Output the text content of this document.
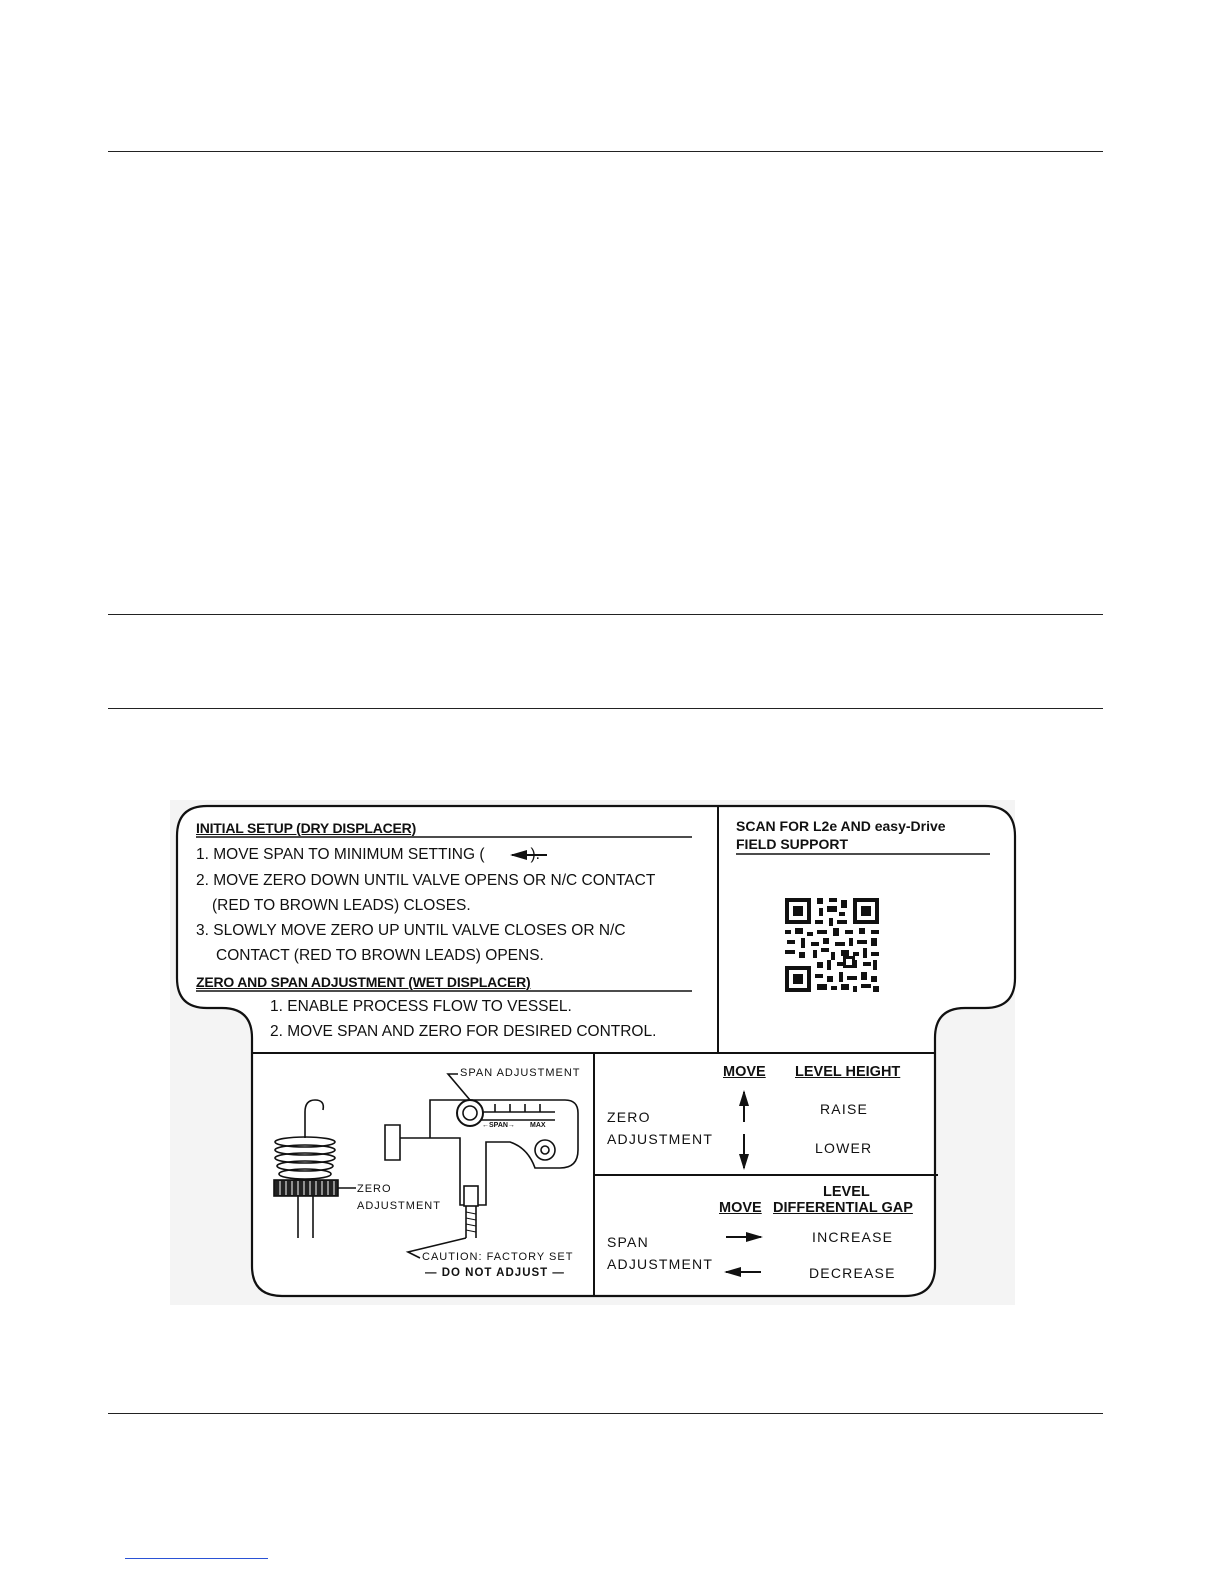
INITIAL SETUP (DRY DISPLACER)
1. MOVE SPAN TO MINIMUM SETTING (	).
2. MOVE ZERO DOWN UNTIL VALVE OPENS OR N/C CONTACT
(RED TO BROWN LEADS) CLOSES.
3. SLOWLY MOVE ZERO UP UNTIL VALVE CLOSES OR N/C
CONTACT (RED TO BROWN LEADS) OPENS.
ZERO AND SPAN ADJUSTMENT (WET DISPLACER)
1. ENABLE PROCESS FLOW TO VESSEL.
2. MOVE SPAN AND ZERO FOR DESIRED CONTROL.
SCAN FOR L2e AND easy-Drive
FIELD SUPPORT
SPAN ADJUSTMENT
←SPAN→ MAX
ZERO
ADJUSTMENT
CAUTION: FACTORY SET
— DO NOT ADJUST —
MOVE LEVEL HEIGHT
ZERO
ADJUSTMENT
RAISE
LOWER
LEVEL
MOVE DIFFERENTIAL GAP
SPAN
ADJUSTMENT
INCREASE
DECREASE
